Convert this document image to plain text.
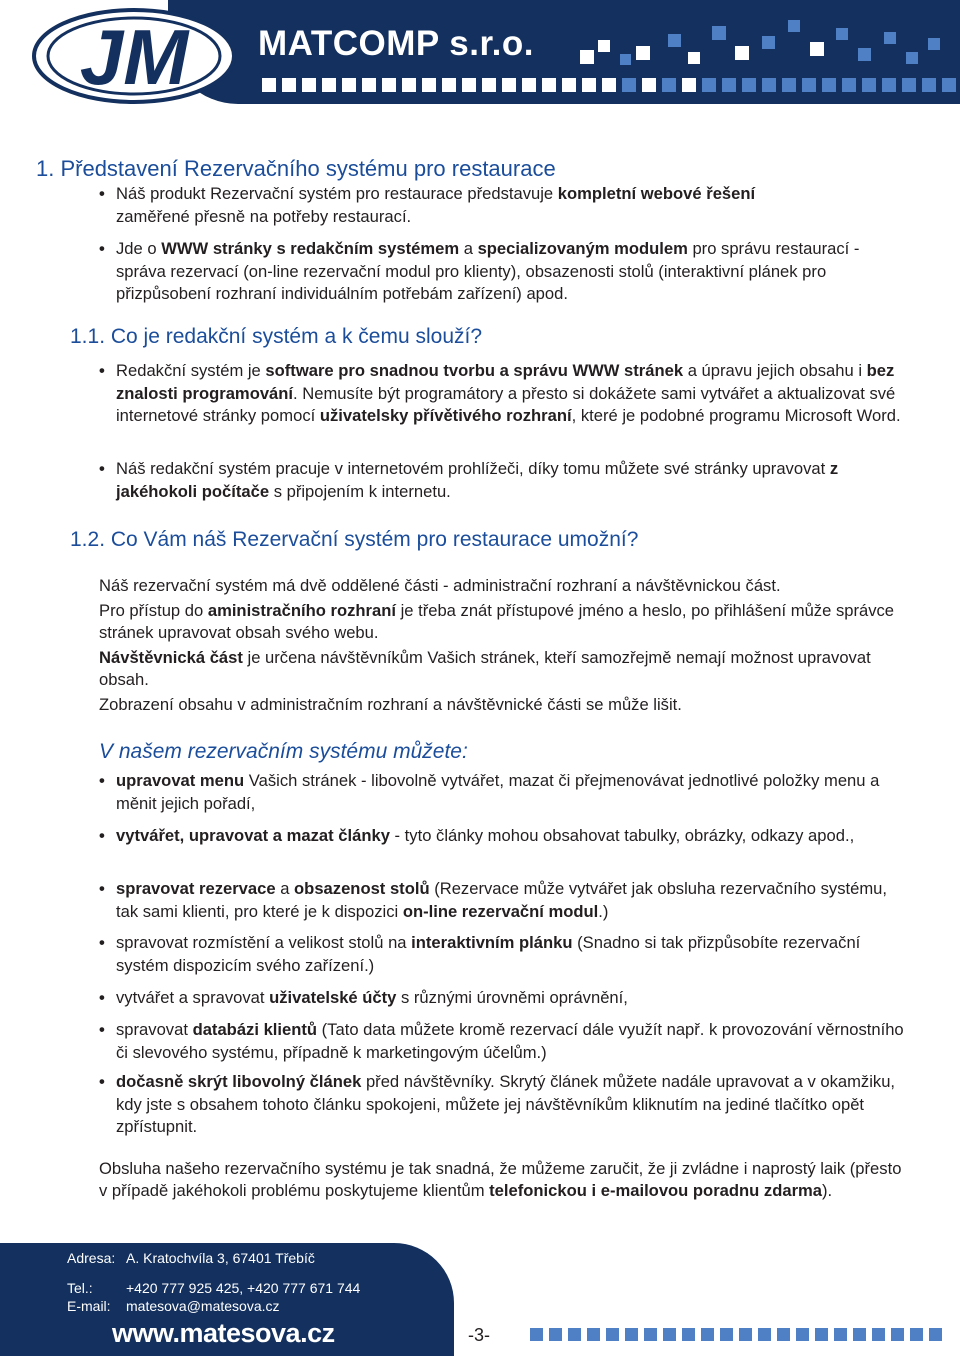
JM MATCOMP s.r.o.
1. Představení Rezervačního systému pro restaurace
• Náš produkt Rezervační systém pro restaurace představuje kompletní webové řešení
zaměřené přesně na potřeby restaurací.
• Jde o WWW stránky s redakčním systémem a specializovaným modulem pro správu restaurací - správa rezervací (on-line rezervační modul pro klienty), obsazenosti stolů (interaktivní plánek pro přizpůsobení rozhraní individuálním potřebám zařízení) apod.
1.1. Co je redakční systém a k čemu slouží?
• Redakční systém je software pro snadnou tvorbu a správu WWW stránek a úpravu jejich obsahu i bez znalosti programování. Nemusíte být programátory a přesto si dokážete sami vytvářet a aktualizovat své internetové stránky pomocí uživatelsky přívětivého rozhraní, které je podobné programu Microsoft Word.
• Náš redakční systém pracuje v internetovém prohlížeči, díky tomu můžete své stránky upravovat z jakéhokoli počítače s připojením k internetu.
1.2. Co Vám náš Rezervační systém pro restaurace umožní?

Náš rezervační systém má dvě oddělené části - administrační rozhraní a návštěvnickou část.

Pro přístup do aministračního rozhraní je třeba znát přístupové jméno a heslo, po přihlášení může správce stránek upravovat obsah svého webu.

Návštěvnická část je určena návštěvníkům Vašich stránek, kteří samozřejmě nemají možnost upravovat obsah.

Zobrazení obsahu v administračním rozhraní a návštěvnické části se může lišit.

V našem rezervačním systému můžete:
• upravovat menu Vašich stránek - libovolně vytvářet, mazat či přejmenovávat jednotlivé položky menu a měnit jejich pořadí,
• vytvářet, upravovat a mazat články - tyto články mohou obsahovat tabulky, obrázky, odkazy apod.,
• spravovat rezervace a obsazenost stolů (Rezervace může vytvářet jak obsluha rezervačního systému, tak sami klienti, pro které je k dispozici on-line rezervační modul.)
• spravovat rozmístění a velikost stolů na interaktivním plánku (Snadno si tak přizpůsobíte rezervační systém dispozicím svého zařízení.)
• vytvářet a spravovat uživatelské účty s různými úrovněmi oprávnění,
• spravovat databázi klientů (Tato data můžete kromě rezervací dále využít např. k provozování věrnostního či slevového systému, případně k marketingovým účelům.)
• dočasně skrýt libovolný článek před návštěvníky. Skrytý článek můžete nadále upravovat a v okamžiku, kdy jste s obsahem tohoto článku spokojeni, můžete jej návštěvníkům kliknutím na jediné tlačítko opět zpřístupnit.

Obsluha našeho rezervačního systému je tak snadná, že můžeme zaručit, že ji zvládne i naprostý laik (přesto v případě jakéhokoli problému poskytujeme klientům telefonickou i e-mailovou poradnu zdarma).

Adresa: A. Kratochvíla 3, 67401 Třebíč
Tel.: +420 777 925 425, +420 777 671 744
E-mail: matesova@matesova.cz
www.matesova.cz	-3-
